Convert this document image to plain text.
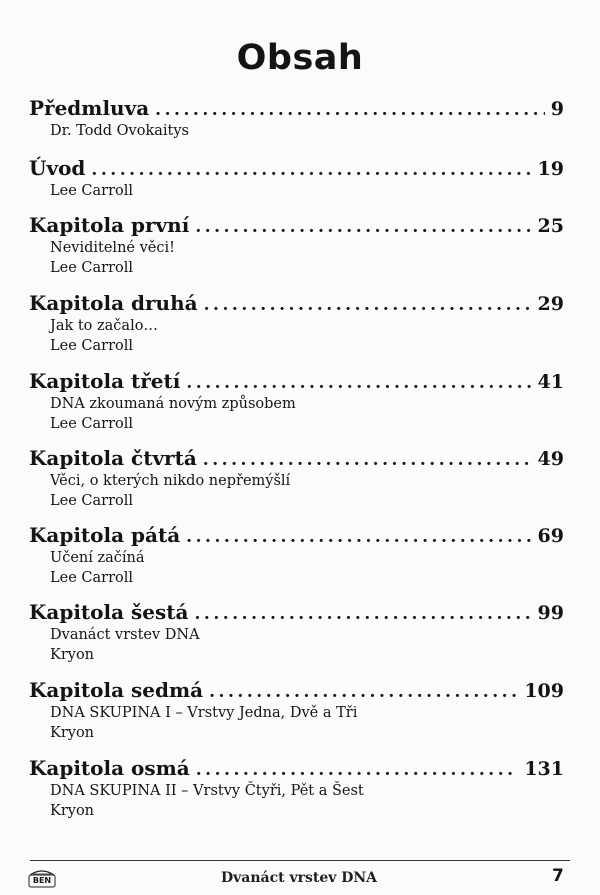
Obsah
Předmluva . . .	9
Dr. Todd Ovokaitys
Úvod . . .	19
Lee Carroll
Kapitola první . . .	25
Neviditelné věci!
Lee Carroll
Kapitola druhá . . .	29
Jak to začalo…
Lee Carroll
Kapitola třetí . . .	41
DNA zkoumaná novým způsobem
Lee Carroll
Kapitola čtvrtá . . .	49
Věci, o kterých nikdo nepřemýšlí
Lee Carroll
Kapitola pátá . . .	69
Učení začíná
Lee Carroll
Kapitola šestá . . .	99
Dvanáct vrstev DNA
Kryon
Kapitola sedmá . . .	109
DNA SKUPINA I – Vrstvy Jedna, Dvě a Tři
Kryon
Kapitola osmá . . .	131
DNA SKUPINA II – Vrstvy Čtyři, Pět a Šest
Kryon
BEN	Dvanáct vrstev DNA	7
